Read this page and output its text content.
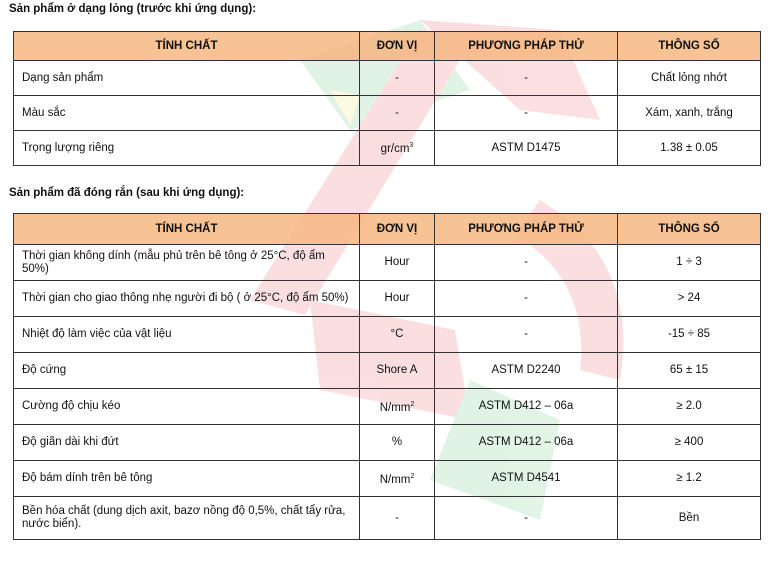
Sản phẩm ở dạng lỏng (trước khi ứng dụng):
TÍNH CHẤT	ĐƠN VỊ	PHƯƠNG PHÁP THỬ	THÔNG SỐ
Dạng sản phẩm	-	-	Chất lỏng nhớt
Màu sắc	-	-	Xám, xanh, trắng
Trọng lượng riêng	$gr/cm^3$	ASTM D1475	1.38 ± 0.05
Sản phẩm đã đóng rắn (sau khi ứng dụng):
TÍNH CHẤT	ĐƠN VỊ	PHƯƠNG PHÁP THỬ	THÔNG SỐ
Thời gian không dính (mẫu phủ trên bê tông ở 25°C, độ ẩm 50%)	Hour	-	1 ÷ 3
Thời gian cho giao thông nhẹ người đi bộ ( ở 25°C, độ ẩm 50%)	Hour	-	> 24
Nhiệt độ làm việc của vật liệu	°C	-	-15 ÷ 85
Độ cứng	Shore A	ASTM D2240	65 ± 15
Cường độ chịu kéo	$N/mm^2$	ASTM D412 – 06a	≥ 2.0
Độ giãn dài khi đứt	%	ASTM D412 – 06a	≥ 400
Độ bám dính trên bê tông	$N/mm^2$	ASTM D4541	≥ 1.2
Bền hóa chất (dung dịch axit, bazơ nồng độ 0,5%, chất tẩy rửa, nước biển).	-	-	Bền
